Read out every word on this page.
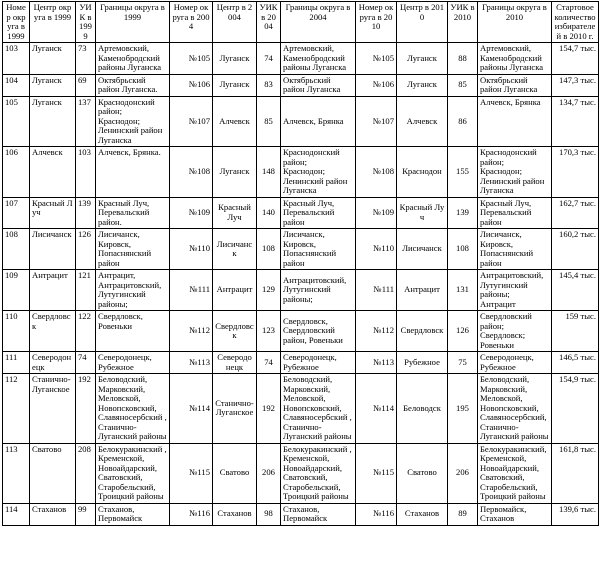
Номер округа в 1999	Центр округа в 1999	УИК в 1999	Границы округа в 1999	Номер округа в 2004	Центр в 2004	УИК в 2004	Границы округа в 2004	Номер округа в 2010	Центр в 2010	УИК в 2010	Границы округа в 2010	Стартовое количество избирателей в 2010 г.
103	Луганск	73	Артемовский, Каменобродский районы Луганска	№105	Луганск	74	Артемовский, Каменобродский районы Луганска	№105	Луганск	88	Артемовский, Каменобродский районы Луганска	154,7 тыс.
104	Луганск	69	Октябрьский район Луганска.	№106	Луганск	83	Октябрьский район Луганска	№106	Луганск	85	Октябрьский район Луганска	147,3 тыс.
105	Луганск	137	Краснодонский район;
Краснодон;
Ленинский район Луганска	№107	Алчевск	85	Алчевск, Брянка	№107	Алчевск	86	Алчевск, Брянка	134,7 тыс.
106	Алчевск	103	Алчевск, Брянка.	№108	Луганск	148	Краснодонский район;
Краснодон;
Ленинский район Луганска	№108	Краснодон	155	Краснодонский район;
Краснодон;
Ленинский район Луганска	170,3 тыс.
107	Красный Луч	139	Красный Луч, Перевальский район.	№109	Красный Луч	140	Красный Луч, Перевальский район	№109	Красный Луч	139	Красный Луч, Перевальский район	162,7 тыс.
108	Лисичанск	126	Лисичанск,
Кировск,
Попаснянский район	№110	Лисичанск	108	Лисичанск,
Кировск,
Попаснянский район	№110	Лисичанск	108	Лисичанск,
Кировск,
Попаснянский район	160,2 тыс.
109	Антрацит	121	Антрацит, Антрацитовский, Лутугинский районы;	№111	Антрацит	129	Антрацитовский, Лутугинский районы;	№111	Антрацит	131	Антрацитовский, Лутугинский районы;
Антрацит	145,4 тыс.
110	Свердловск	122	Свердловск, Ровеньки	№112	Свердловск	123	Свердловск, Свердловский район, Ровеньки	№112	Свердловск	126	Свердловский район;
Свердловск;
Ровеньки	159 тыс.
111	Северодонецк	74	Северодонецк, Рубежное	№113	Северодонецк	74	Северодонецк, Рубежное	№113	Рубежное	75	Северодонецк, Рубежное	146,5 тыс.
112	Станично-Луганское	192	Беловодский, Марковский, Меловской, Новопсковский, Славяносербский , Станично-Луганский районы	№114	Станично-Луганское	192	Беловодский, Марковский, Меловской, Новопсковский, Славяносербский , Станично-Луганский районы	№114	Беловодск	195	Беловодский, Марковский, Меловской, Новопсковский, Славяносербский, Станично-Луганский районы	154,9 тыс.
113	Сватово	208	Белокуракинский , Кременской, Новоайдарский, Сватовский, Старобельский, Троицкий районы	№115	Сватово	206	Белокуракинский , Кременской, Новоайдарский, Сватовский, Старобельский, Троицкий районы	№115	Сватово	206	Белокуракинский, Кременской, Новоайдарский, Сватовский, Старобельский, Троицкий районы	161,8 тыс.
114	Стаханов	99	Стаханов, Первомайск	№116	Стаханов	98	Стаханов, Первомайск	№116	Стаханов	89	Первомайск, Стаханов	139,6 тыс.
